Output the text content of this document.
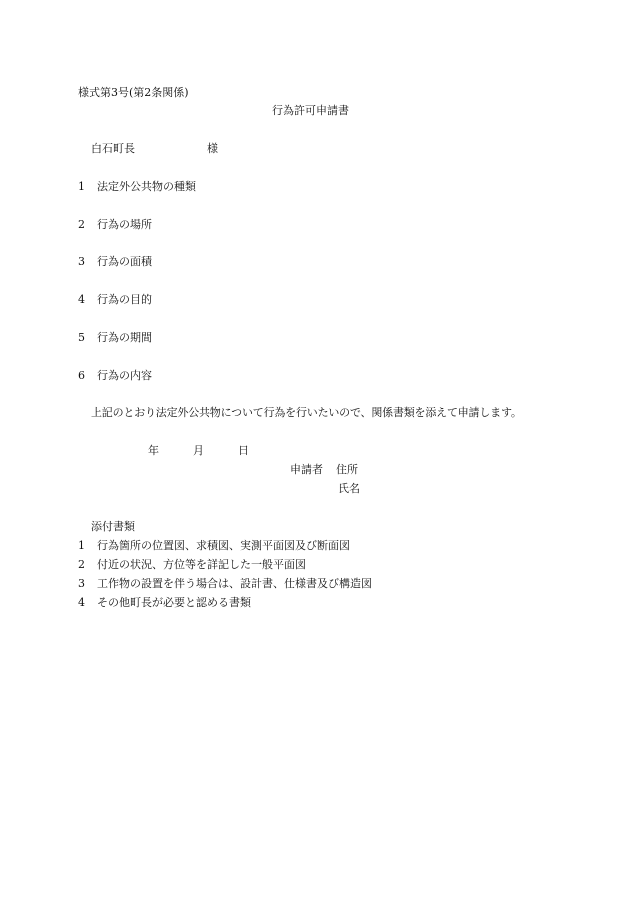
様式第3号(第2条関係)
行為許可申請書
白石町長	様
1 法定外公共物の種類
2 行為の場所
3 行為の面積
4 行為の目的
5 行為の期間
6 行為の内容
上記のとおり法定外公共物について行為を行いたいので、関係書類を添えて申請します。
年	月	日
申請者 住所
氏名
添付書類
1 行為箇所の位置図、求積図、実測平面図及び断面図
2 付近の状況、方位等を詳記した一般平面図
3 工作物の設置を伴う場合は、設計書、仕様書及び構造図
4 その他町長が必要と認める書類
